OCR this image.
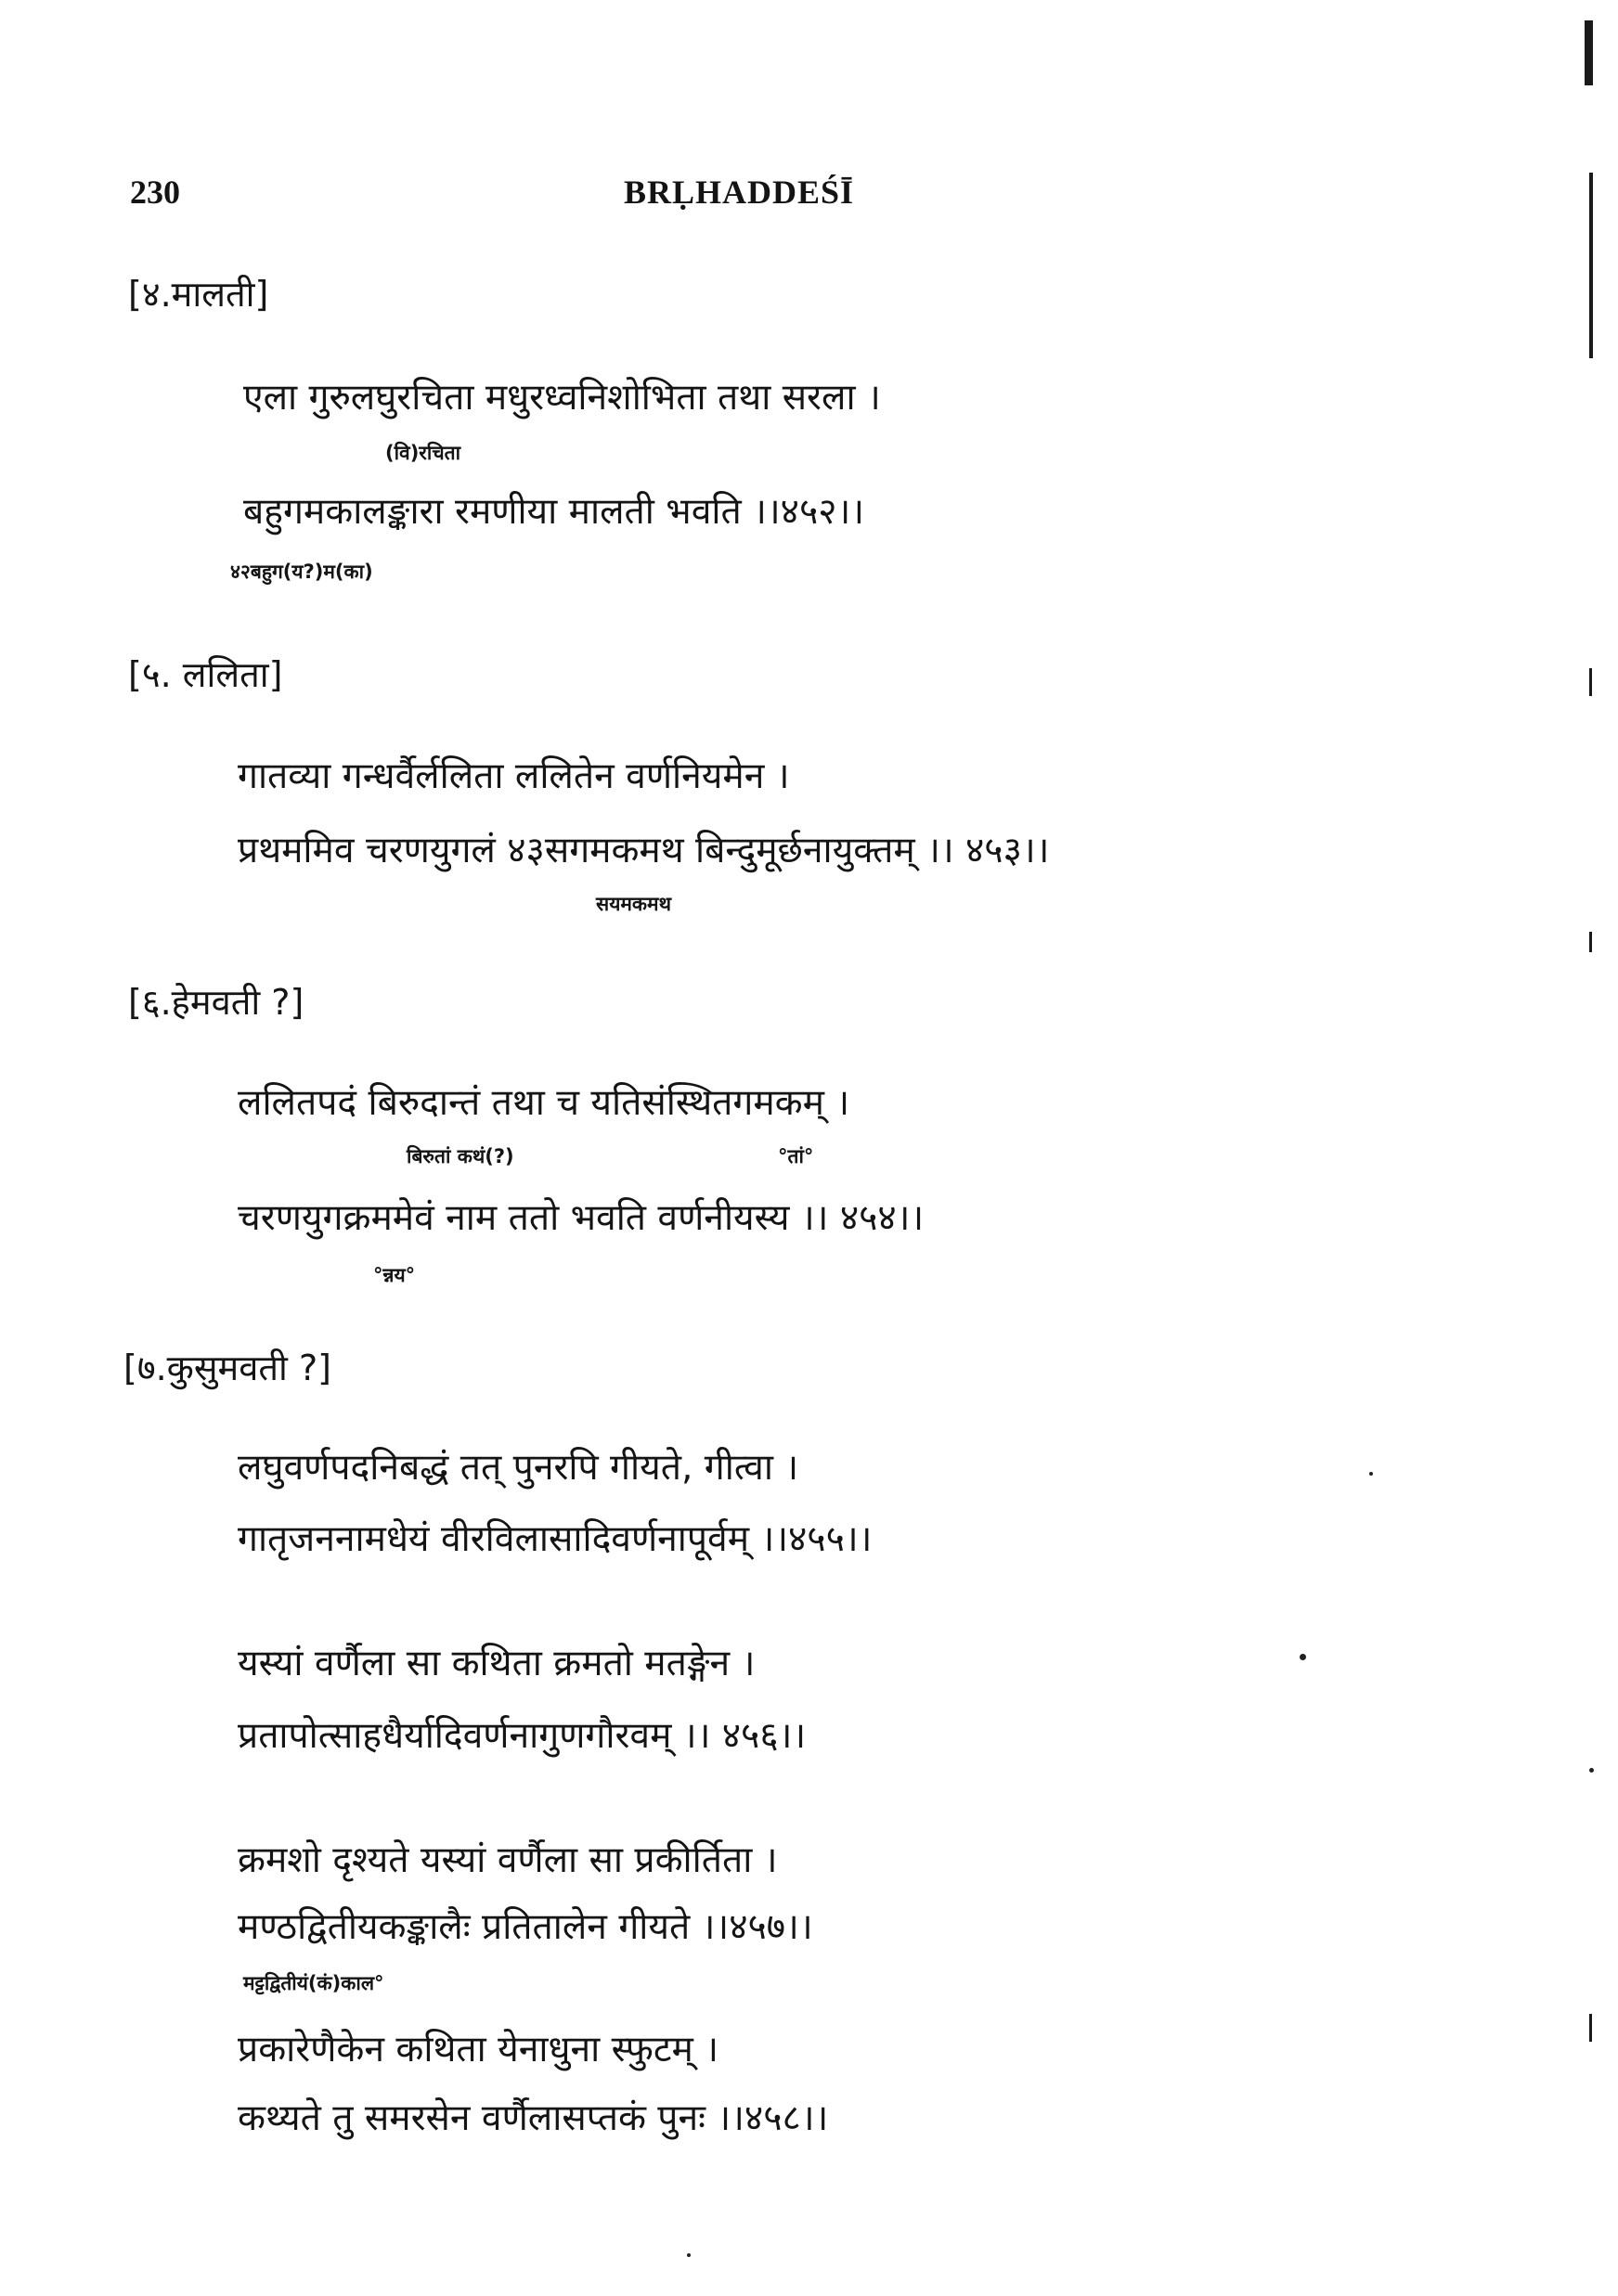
230	BRḶHADDEŚĪ
[४.मालती]
एला गुरुलघुरचिता मधुरध्वनिशोभिता तथा सरला ।
(वि)रचिता
बहुगमकालङ्कारा रमणीया मालती भवति ।।४५२।।
४२बहुग(य?)म(का)
[५. ललिता]
गातव्या गन्धर्वैर्ललिता ललितेन वर्णनियमेन ।
प्रथममिव चरणयुगलं ४३सगमकमथ बिन्दुमूर्छनायुक्तम् ।। ४५३।।
सयमकमथ
[६.हेमवती ?]
ललितपदं बिरुदान्तं तथा च यतिसंस्थितगमकम् ।
बिरुतां कथं(?)	°तां°
चरणयुगक्रममेवं नाम ततो भवति वर्णनीयस्य ।। ४५४।।
°न्नय°
[७.कुसुमवती ?]
लघुवर्णपदनिबद्धं तत् पुनरपि गीयते, गीत्वा ।
गातृजननामधेयं वीरविलासादिवर्णनापूर्वम् ।।४५५।।
यस्यां वर्णैला सा कथिता क्रमतो मतङ्गेन ।
प्रतापोत्साहधैर्यादिवर्णनागुणगौरवम् ।। ४५६।।
क्रमशो दृश्यते यस्यां वर्णैला सा प्रकीर्तिता ।
मण्ठद्वितीयकङ्कालैः प्रतितालेन गीयते ।।४५७।।
मट्टद्वितीयं(कं)काल°
प्रकारेणैकेन कथिता येनाधुना स्फुटम् ।
कथ्यते तु समरसेन वर्णैलासप्तकं पुनः ।।४५८।।
